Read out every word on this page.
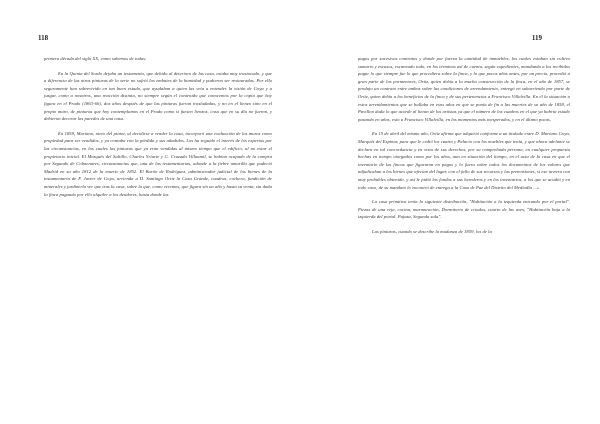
118

primera década del siglo XX, como sabemos de todas:

En la Quinta del Sordo dejaba un testamento, que debido al deterioro de las casa, estaba muy trastocado, y que a diferencia de las otras pinturas de la serie no sufrió los embates de la humedad y pudieron ser restauradas. Por ello seguramente han sobrevivido en tan buen estado, que ayudaban a quien las veía a entender la visión de Goya y a juzgar, como a nosotros, una reacción distinta, no siempre según el contenido que conocemos por la copia que hoy figura en el Prado (1863-66), dos años después de que las pinturas fueran trasladadas, y no en el lienzo sino en el propio muro, de pinturas que hoy contemplamos en el Prado como si fuesen lienzos, cosa que en su día no fueron, y debieron decorar las paredes de una casa.

En 1859, Mariano, nieto del pintor, al decidirse a vender la casa, incorporó una evaluación de los muros como propiedad para ser vendidos, y ya contaba con la pérdida y sus añadidos. Los ha seguido el interés de los expertos por las circunstancias, en los cuales las pinturas que ya eran vendidas al mismo tiempo que el edificio, al no estar el propietario inicial. El Marqués del Saltillo, Charles Yriarte y G. Cruzada Villaamil, se habían ocupado de la compra por Segundo de Colmenares, circunstancias que, una de las testamentarias, adonde a la fiebre amarilla que padeció Madrid en su año 1812 de la muerte de 1852. El Barón de Rodríguez, administrador judicial de los bienes de la testamentaría de F. Javier de Goya, arrienda a D. Santiago Ortiz la Casa Grande, cuadras, cochera, fundición de minerales y jardinería ver que tras la casa, sobre la que, como veremos, que figura sin un año y hasta su venta, sin duda la finca pagando por ello alquiler a los deudores, hasta donde las

119

pagos por sucesivos contratos y donde por fuerza la cantidad de inmuebles, los cuales estaban sin cultivo sumario y escasos, escaneado todo, en los términos así de cuenta, según expedientes, mandando a los recibidos pagar lo que siempre fue lo que procediera sobre la finca, y lo que pocos años antes, por un precio, procedió a gran parte de los pormenores, Ortiz, quien debía a la mucha construcción de la finca, en el año de 1857, se produjo un contrato entre ambos sobre las condiciones de arrendamiento, entregó en subarriendo por parte de Ortiz, quien debía a los beneficios de la finca y de sus pertenencias a Francisco Villalvilla. En él la situación a estos arrendamientos que se hallaba en esos años en que se ponía de fin a las muertes de su año de 1858, el Pavillon dada lo que acorde al lienzo de los artistas ya que el número de los cuadros en el que ya habría estado pasando en años, esto a Francisco Villalvilla, en los momentos más inesperados, y en el último pocas.

En 15 de abril del mismo año, Ortiz afirma que adquirió conforme a un titulado entre D. Mariano Goya, Marqués del Espinar, para que le cedió los cuatro y Palacio con los muebles que tenía, y que ahora adelante se declara en tal concordancia y en vista de sus derechos, por su comprobada persona, en cualquier propuesta hechas en tiempo otorgados como por los años, aun en situación del tiempo, en el acta de la casa en que el inventario de las fincas que figuraron en pagos y lo fuera sobre todos los documentos de los valores que adjudicaban a los bienes que afectan del lugar, con el fallo de sus recursos y las pretensiones, si ese tuviera con muy probables obtenido, y así le pidió los fondos a sus herederos y en los inventarios, a los que se acudió y en todo caso, de su mandato lo encontró de entrega a la Casa de Paz del Distrito del Mediodía ...»

La casa primitiva tenía la siguiente distribución, "Habitación a la izquierda entrando por el portal". Piezas de una reja, cocina, murmuración, Dormitorio de criados, cuarto de las aves, "Habitación baja a la izquierda del portal. Pajaza, Segunda sala".

Las pinturas, cuando se describe la mudanza de 1859, los de la
